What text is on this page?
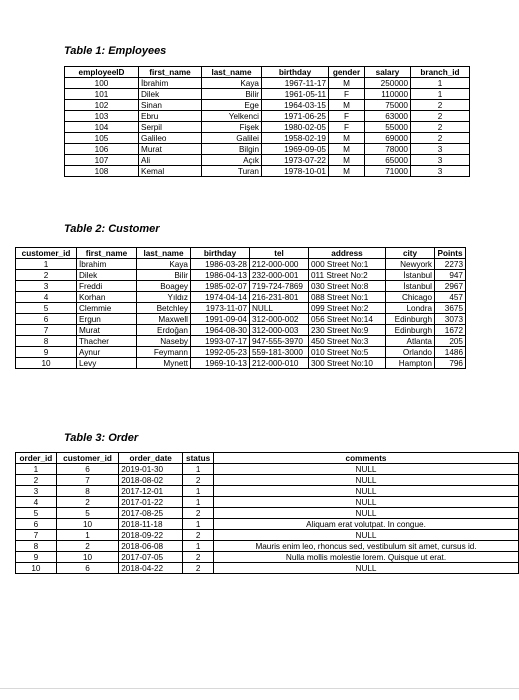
Table 1: Employees
employeeID	first_name	last_name	birthday	gender	salary	branch_id
100	İbrahim	Kaya	1967-11-17	M	250000	1
101	Dilek	Bilir	1961-05-11	F	110000	1
102	Sinan	Ege	1964-03-15	M	75000	2
103	Ebru	Yelkenci	1971-06-25	F	63000	2
104	Serpil	Fişek	1980-02-05	F	55000	2
105	Galileo	Galilei	1958-02-19	M	69000	2
106	Murat	Bilgin	1969-09-05	M	78000	3
107	Ali	Açık	1973-07-22	M	65000	3
108	Kemal	Turan	1978-10-01	M	71000	3
Table 2: Customer
customer_id	first_name	last_name	birthday	tel	address	city	Points
1	İbrahim	Kaya	1986-03-28	212-000-000	000 Street No:1	Newyork	2273
2	Dilek	Bilir	1986-04-13	232-000-001	011 Street No:2	İstanbul	947
3	Freddi	Boagey	1985-02-07	719-724-7869	030 Street No:8	İstanbul	2967
4	Korhan	Yıldız	1974-04-14	216-231-801	088 Street No:1	Chicago	457
5	Clemmie	Betchley	1973-11-07	NULL	099 Street No:2	Londra	3675
6	Ergun	Maxwell	1991-09-04	312-000-002	056 Street No:14	Edinburgh	3073
7	Murat	Erdoğan	1964-08-30	312-000-003	230 Street No:9	Edinburgh	1672
8	Thacher	Naseby	1993-07-17	947-555-3970	450 Street No:3	Atlanta	205
9	Aynur	Feymann	1992-05-23	559-181-3000	010 Street No:5	Orlando	1486
10	Levy	Mynett	1969-10-13	212-000-010	300 Street No:10	Hampton	796
Table 3: Order
order_id	customer_id	order_date	status	comments
1	6	2019-01-30	1	NULL
2	7	2018-08-02	2	NULL
3	8	2017-12-01	1	NULL
4	2	2017-01-22	1	NULL
5	5	2017-08-25	2	NULL
6	10	2018-11-18	1	Aliquam erat volutpat. In congue.
7	1	2018-09-22	2	NULL
8	2	2018-06-08	1	Mauris enim leo, rhoncus sed, vestibulum sit amet, cursus id.
9	10	2017-07-05	2	Nulla mollis molestie lorem. Quisque ut erat.
10	6	2018-04-22	2	NULL
